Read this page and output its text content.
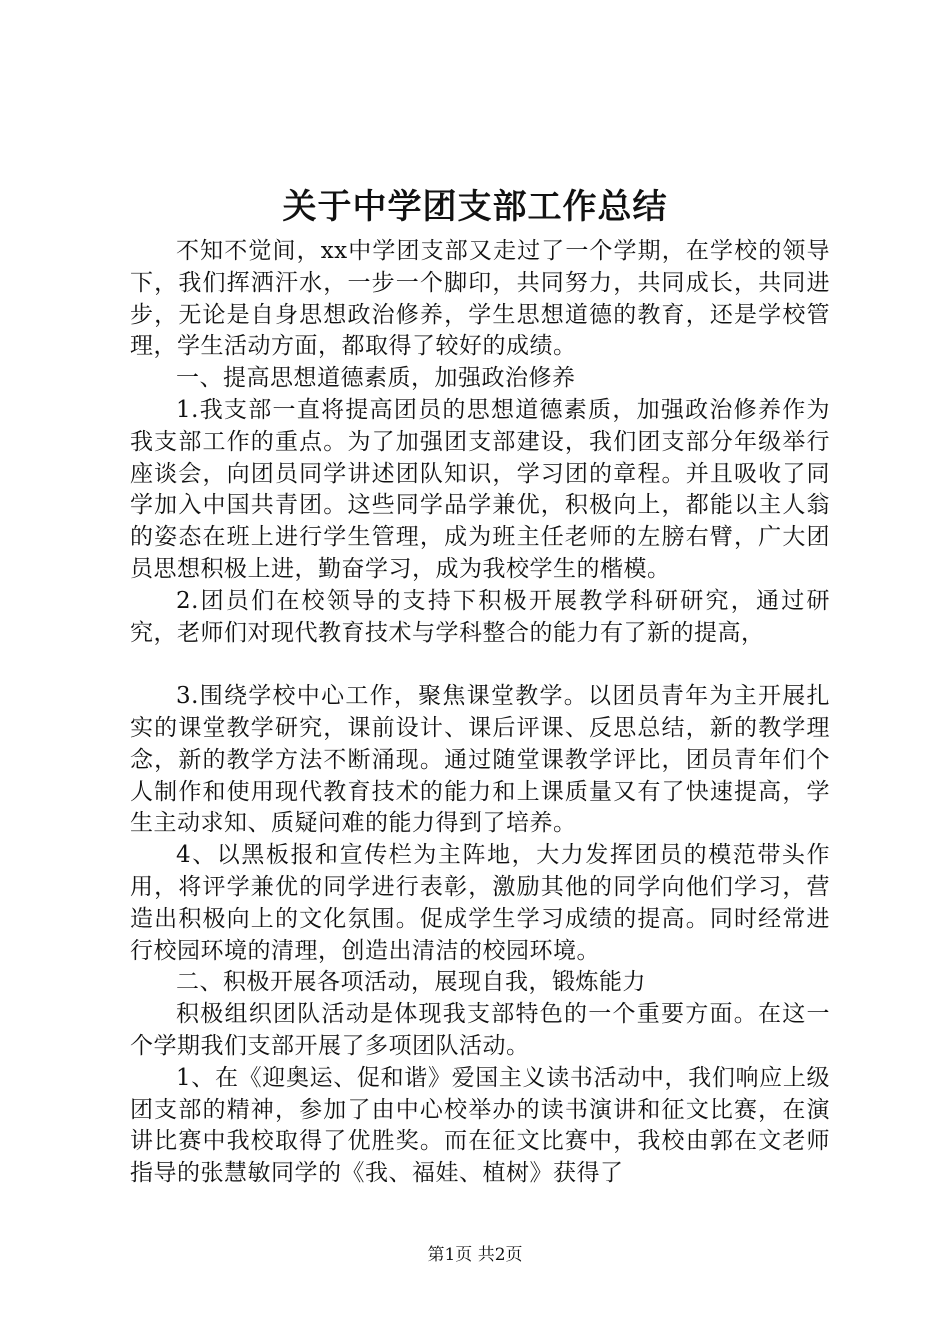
关于中学团支部工作总结

不知不觉间，xx中学团支部又走过了一个学期，在学校的领导下，我们挥洒汗水，一步一个脚印，共同努力，共同成长，共同进步，无论是自身思想政治修养，学生思想道德的教育，还是学校管理，学生活动方面，都取得了较好的成绩。

一、提高思想道德素质，加强政治修养

1.我支部一直将提高团员的思想道德素质，加强政治修养作为我支部工作的重点。为了加强团支部建设，我们团支部分年级举行座谈会，向团员同学讲述团队知识，学习团的章程。并且吸收了同学加入中国共青团。这些同学品学兼优，积极向上，都能以主人翁的姿态在班上进行学生管理，成为班主任老师的左膀右臂，广大团员思想积极上进，勤奋学习，成为我校学生的楷模。

2.团员们在校领导的支持下积极开展教学科研研究，通过研究，老师们对现代教育技术与学科整合的能力有了新的提高，

3.围绕学校中心工作，聚焦课堂教学。以团员青年为主开展扎实的课堂教学研究，课前设计、课后评课、反思总结，新的教学理念，新的教学方法不断涌现。通过随堂课教学评比，团员青年们个人制作和使用现代教育技术的能力和上课质量又有了快速提高，学生主动求知、质疑问难的能力得到了培养。

4、以黑板报和宣传栏为主阵地，大力发挥团员的模范带头作用，将评学兼优的同学进行表彰，激励其他的同学向他们学习，营造出积极向上的文化氛围。促成学生学习成绩的提高。同时经常进行校园环境的清理，创造出清洁的校园环境。

二、积极开展各项活动，展现自我，锻炼能力

积极组织团队活动是体现我支部特色的一个重要方面。在这一个学期我们支部开展了多项团队活动。

1、在《迎奥运、促和谐》爱国主义读书活动中，我们响应上级团支部的精神，参加了由中心校举办的读书演讲和征文比赛，在演讲比赛中我校取得了优胜奖。而在征文比赛中，我校由郭在文老师指导的张慧敏同学的《我、福娃、植树》获得了

第1页 共2页
